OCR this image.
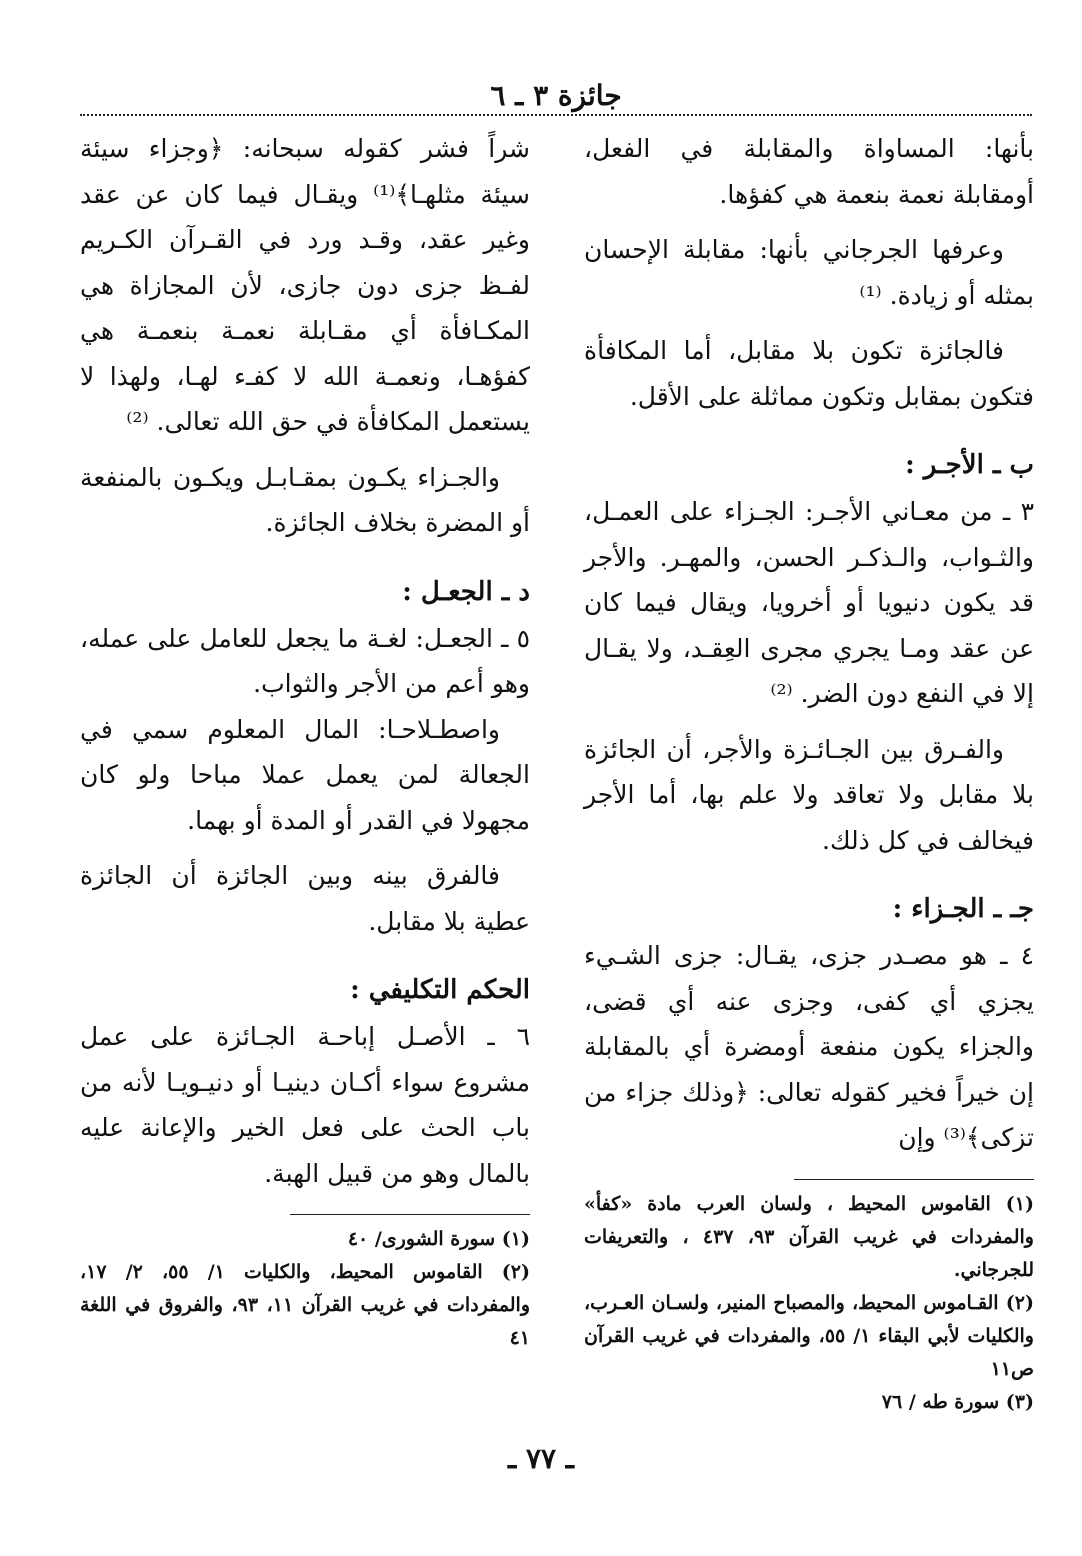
جائزة ٣ ـ ٦

بأنها: المساواة والمقابلة في الفعل، أومقابلة نعمة بنعمة هي كفؤها.

وعرفها الجرجاني بأنها: مقابلة الإحسان بمثله أو زيادة. ⁽¹⁾

فالجائزة تكون بلا مقابل، أما المكافأة فتكون بمقابل وتكون مماثلة على الأقل.

ب ـ الأجـر :

٣ ـ من معـاني الأجـر: الجـزاء على العمـل، والثـواب، والـذكـر الحسن، والمهـر. والأجر قد يكون دنيويا أو أخرويا، ويقال فيما كان عن عقد ومـا يجري مجرى العِقـد، ولا يقـال إلا في النفع دون الضر. ⁽²⁾

والفـرق بين الجـائـزة والأجر، أن الجائزة بلا مقابل ولا تعاقد ولا علم بها، أما الأجر فيخالف في كل ذلك.

جـ ـ الجـزاء :

٤ ـ هو مصـدر جزى، يقـال: جزى الشـيء يجزي أي كفى، وجزى عنه أي قضى، والجزاء يكون منفعة أومضرة أي بالمقابلة إن خيراً فخير كقوله تعالى: ﴿وذلك جزاء من تزكى﴾⁽³⁾ وإن

(١) القاموس المحيط ، ولسان العرب مادة «كفأ» والمفردات في غريب القرآن ٩٣، ٤٣٧ ، والتعريفات للجرجاني.

(٢) القـاموس المحيط، والمصباح المنير، ولسـان العـرب، والكليات لأبي البقاء ١/ ٥٥، والمفردات في غريب القرآن ص١١

(٣) سورة طه / ٧٦

شراً فشر كقوله سبحانه: ﴿وجزاء سيئة سيئة مثلهـا﴾⁽¹⁾ ويقـال فيما كان عن عقد وغير عقد، وقـد ورد في القـرآن الكـريم لفـظ جزى دون جازى، لأن المجازاة هي المكـافأة أي مقـابلة نعمـة بنعمـة هي كفؤهـا، ونعمـة الله لا كفـء لهـا، ولهذا لا يستعمل المكافأة في حق الله تعالى. ⁽²⁾

والجـزاء يكـون بمقـابـل ويكـون بالمنفعة أو المضرة بخلاف الجائزة.

د ـ الجعـل :

٥ ـ الجعـل: لغـة ما يجعل للعامل على عمله، وهو أعم من الأجر والثواب.

واصطـلاحـا: المال المعلوم سمي في الجعالة لمن يعمل عملا مباحا ولو كان مجهولا في القدر أو المدة أو بهما.

فالفرق بينه وبين الجائزة أن الجائزة عطية بلا مقابل.

الحكم التكليفي :

٦ ـ الأصـل إباحـة الجـائزة على عمل مشروع سواء أكـان دينيـا أو دنيـويـا لأنه من باب الحث على فعل الخير والإعانة عليه بالمال وهو من قبيل الهبة.

(١) سورة الشورى/ ٤٠

(٢) القاموس المحيط، والكليات ١/ ٥٥، ٢/ ١٧، والمفردات في غريب القرآن ١١، ٩٣، والفروق في اللغة ٤١

ـ ٧٧ ـ
